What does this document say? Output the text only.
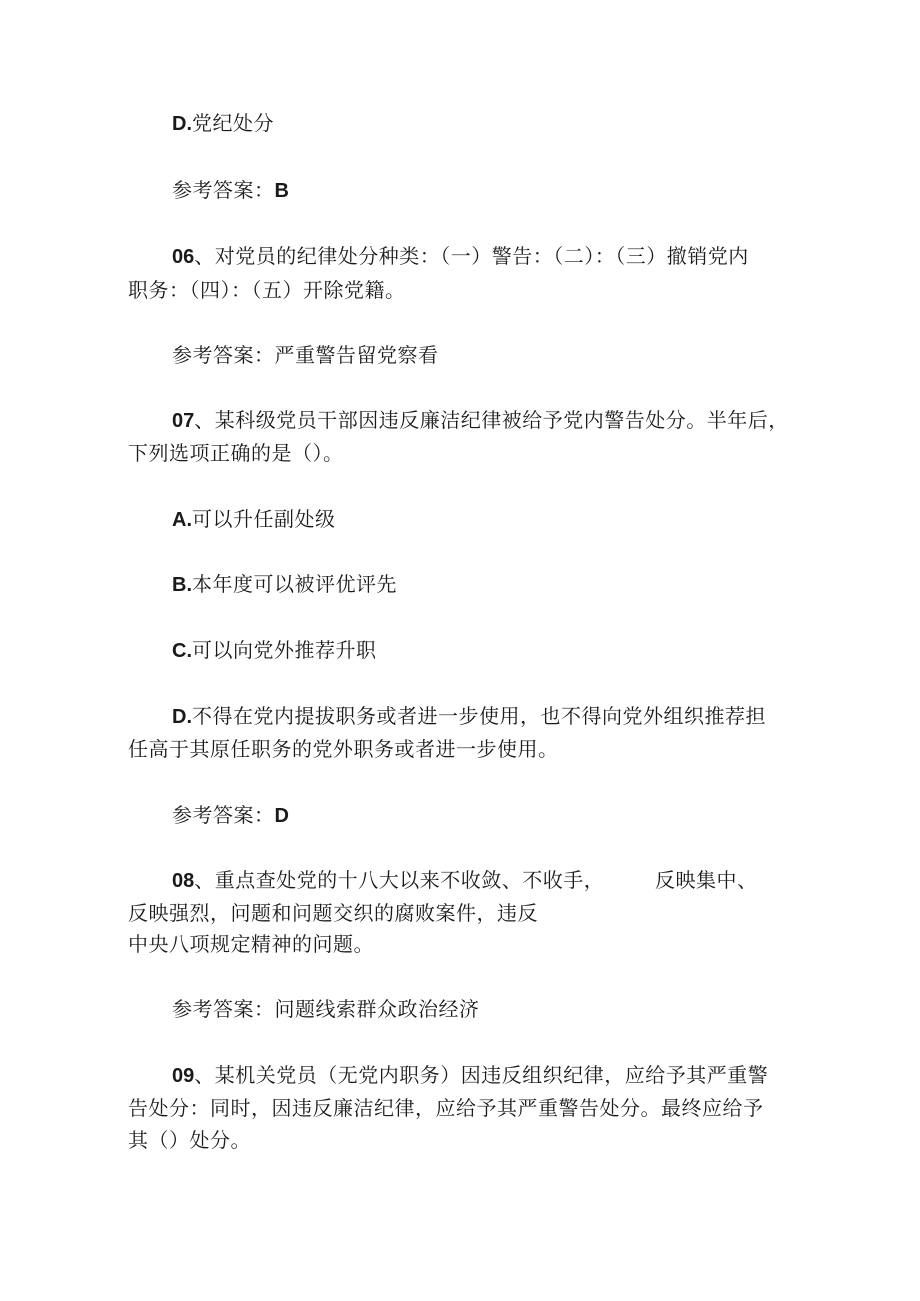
D.党纪处分
参考答案：B
06、对党员的纪律处分种类：（一）警告：（二）：（三）撤销党内
职务：（四）：（五）开除党籍。
参考答案：严重警告留党察看
07、某科级党员干部因违反廉洁纪律被给予党内警告处分。半年后，
下列选项正确的是（）。
A.可以升任副处级
B.本年度可以被评优评先
C.可以向党外推荐升职
D.不得在党内提拔职务或者进一步使用，也不得向党外组织推荐担
任高于其原任职务的党外职务或者进一步使用。
参考答案：D
08、重点查处党的十八大以来不收敛、不收手，	反映集中、
反映强烈，问题和问题交织的腐败案件，违反
中央八项规定精神的问题。
参考答案：问题线索群众政治经济
09、某机关党员（无党内职务）因违反组织纪律，应给予其严重警
告处分：同时，因违反廉洁纪律，应给予其严重警告处分。最终应给予
其（）处分。
